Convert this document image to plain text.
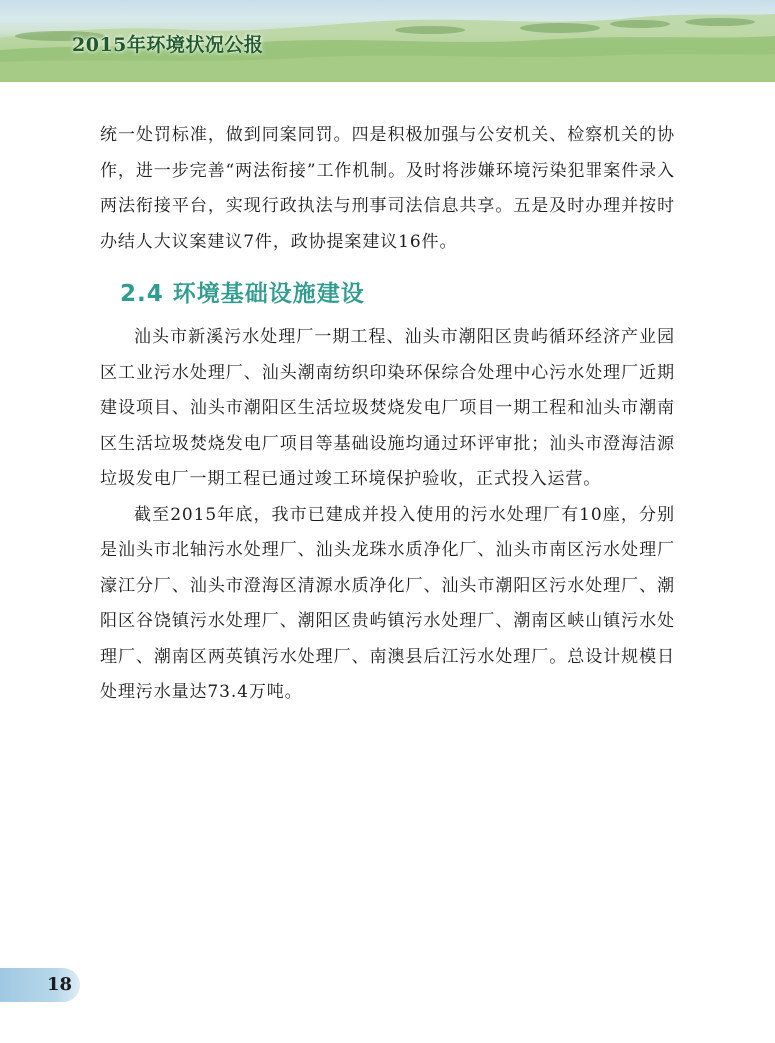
2015年环境状况公报

统一处罚标准，做到同案同罚。四是积极加强与公安机关、检察机关的协作，进一步完善“两法衔接”工作机制。及时将涉嫌环境污染犯罪案件录入两法衔接平台，实现行政执法与刑事司法信息共享。五是及时办理并按时办结人大议案建议7件，政协提案建议16件。

2.4 环境基础设施建设

汕头市新溪污水处理厂一期工程、汕头市潮阳区贵屿循环经济产业园区工业污水处理厂、汕头潮南纺织印染环保综合处理中心污水处理厂近期建设项目、汕头市潮阳区生活垃圾焚烧发电厂项目一期工程和汕头市潮南区生活垃圾焚烧发电厂项目等基础设施均通过环评审批；汕头市澄海洁源垃圾发电厂一期工程已通过竣工环境保护验收，正式投入运营。

截至2015年底，我市已建成并投入使用的污水处理厂有10座，分别是汕头市北轴污水处理厂、汕头龙珠水质净化厂、汕头市南区污水处理厂濠江分厂、汕头市澄海区清源水质净化厂、汕头市潮阳区污水处理厂、潮阳区谷饶镇污水处理厂、潮阳区贵屿镇污水处理厂、潮南区峡山镇污水处理厂、潮南区两英镇污水处理厂、南澳县后江污水处理厂。总设计规模日处理污水量达73.4万吨。

18
